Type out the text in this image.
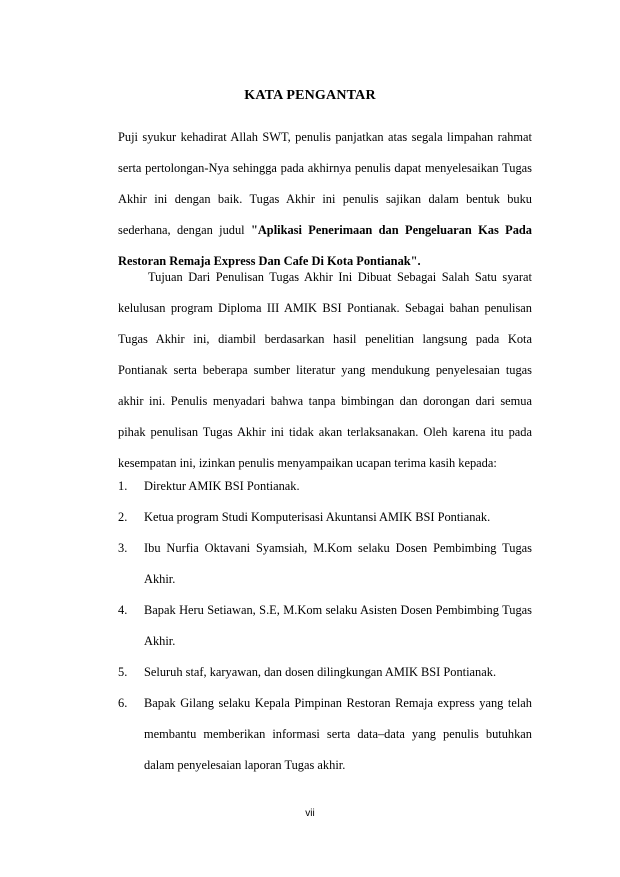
KATA PENGANTAR
Puji syukur kehadirat Allah SWT, penulis panjatkan atas segala limpahan rahmat serta pertolongan-Nya sehingga pada akhirnya penulis dapat menyelesaikan Tugas Akhir ini dengan baik. Tugas Akhir ini penulis sajikan dalam bentuk buku sederhana, dengan judul "Aplikasi Penerimaan dan Pengeluaran Kas Pada Restoran Remaja Express Dan Cafe Di Kota Pontianak".
Tujuan Dari Penulisan Tugas Akhir Ini Dibuat Sebagai Salah Satu syarat kelulusan program Diploma III AMIK BSI Pontianak. Sebagai bahan penulisan Tugas Akhir ini, diambil berdasarkan hasil penelitian langsung pada Kota Pontianak serta beberapa sumber literatur yang mendukung penyelesaian tugas akhir ini. Penulis menyadari bahwa tanpa bimbingan dan dorongan dari semua pihak penulisan Tugas Akhir ini tidak akan terlaksanakan. Oleh karena itu pada kesempatan ini, izinkan penulis menyampaikan ucapan terima kasih kepada:
1.	Direktur AMIK BSI Pontianak.
2.	Ketua program Studi Komputerisasi Akuntansi AMIK BSI Pontianak.
3.	Ibu Nurfia Oktavani Syamsiah, M.Kom selaku Dosen Pembimbing Tugas Akhir.
4.	Bapak Heru Setiawan, S.E, M.Kom selaku Asisten Dosen Pembimbing Tugas Akhir.
5.	Seluruh staf, karyawan, dan dosen dilingkungan AMIK BSI Pontianak.
6.	Bapak Gilang selaku Kepala Pimpinan Restoran Remaja express yang telah membantu memberikan informasi serta data–data yang penulis butuhkan dalam penyelesaian laporan Tugas akhir.
vii
